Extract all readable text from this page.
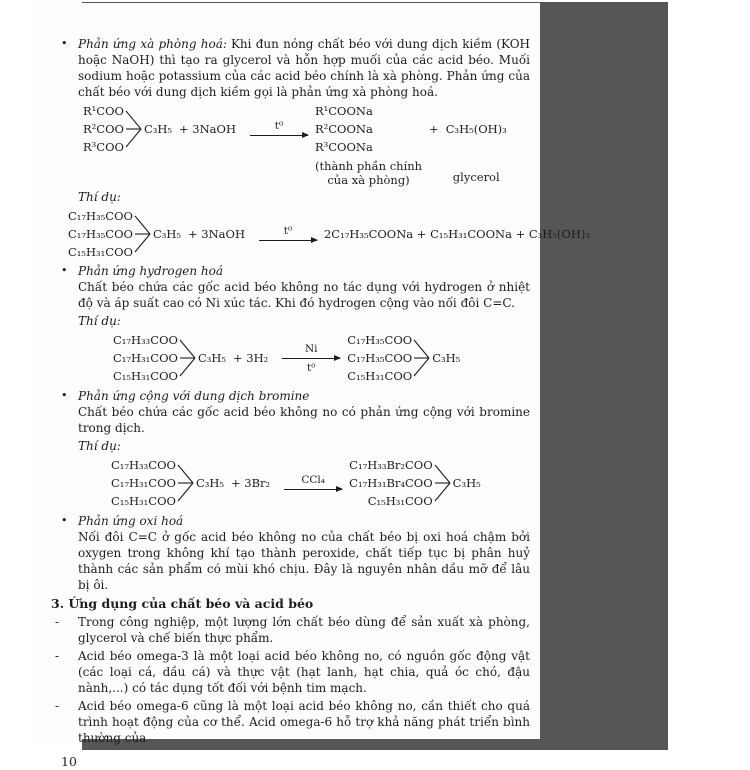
• Phản ứng xà phòng hoá: Khi đun nóng chất béo với dung dịch kiềm (KOH hoặc NaOH) thì tạo ra glycerol và hỗn hợp muối của các acid béo. Muối sodium hoặc potassium của các acid béo chính là xà phòng. Phản ứng của chất béo với dung dịch kiềm gọi là phản ứng xà phòng hoá.
R¹COO
R²COO
R³COO
C₃H₅ + 3NaOH	t⁰
R¹COONa
R²COONa
R³COONa
(thành phần chính
của xà phòng)
+ C₃H₅(OH)₃
glycerol
Thí dụ:
C₁₇H₃₅COO
C₁₇H₃₅COO
C₁₅H₃₁COO
C₃H₅ + 3NaOH	t⁰	2C₁₇H₃₅COONa + C₁₅H₃₁COONa + C₃H₅(OH)₃
• Phản ứng hydrogen hoá
Chất béo chứa các gốc acid béo không no tác dụng với hydrogen ở nhiệt độ và áp suất cao có Ni xúc tác. Khi đó hydrogen cộng vào nối đôi C=C.
Thí dụ:
C₁₇H₃₃COO
C₁₇H₃₁COO
C₁₅H₃₁COO
C₃H₅ + 3H₂
Ni
t⁰
C₁₇H₃₅COO
C₁₇H₃₅COO
C₁₅H₃₁COO
C₃H₅
• Phản ứng cộng với dung dịch bromine
Chất béo chứa các gốc acid béo không no có phản ứng cộng với bromine trong dịch.
Thí dụ:
C₁₇H₃₃COO
C₁₇H₃₁COO
C₁₅H₃₁COO
C₃H₅ + 3Br₂	CCl₄
C₁₇H₃₃Br₂COO
C₁₇H₃₁Br₄COO
C₁₅H₃₁COO
C₃H₅
• Phản ứng oxi hoá
Nối đôi C=C ở gốc acid béo không no của chất béo bị oxi hoá chậm bởi oxygen trong không khí tạo thành peroxide, chất tiếp tục bị phân huỷ thành các sản phẩm có mùi khó chịu. Đây là nguyên nhân dầu mỡ để lâu bị ôi.
3. Ứng dụng của chất béo và acid béo
-	Trong công nghiệp, một lượng lớn chất béo dùng để sản xuất xà phòng, glycerol và chế biến thực phẩm.
-	Acid béo omega-3 là một loại acid béo không no, có nguồn gốc động vật (các loại cá, dầu cá) và thực vật (hạt lanh, hạt chia, quả óc chó, đậu nành,...) có tác dụng tốt đối với bệnh tim mạch.
-	Acid béo omega-6 cũng là một loại acid béo không no, cần thiết cho quá trình hoạt động của cơ thể. Acid omega-6 hỗ trợ khả năng phát triển bình thường của
10
